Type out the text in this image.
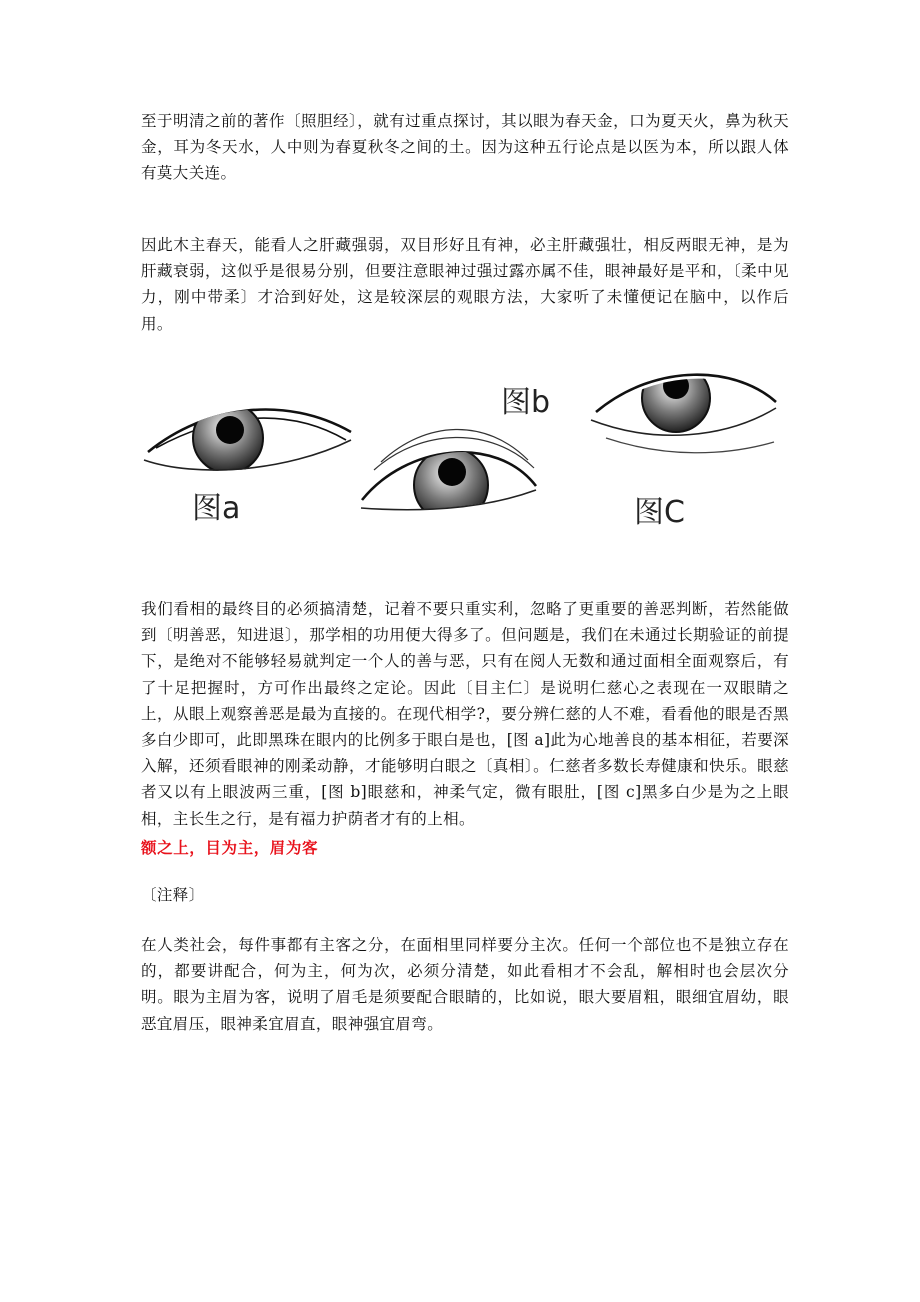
至于明清之前的著作〔照胆经〕，就有过重点探讨，其以眼为春天金，口为夏天火，鼻为秋天金，耳为冬天水，人中则为春夏秋冬之间的土。因为这种五行论点是以医为本，所以跟人体有莫大关连。

因此木主春天，能看人之肝藏强弱，双目形好且有神，必主肝藏强壮，相反两眼无神，是为肝藏衰弱，这似乎是很易分别，但要注意眼神过强过露亦属不佳，眼神最好是平和，〔柔中见力，刚中带柔〕才洽到好处，这是较深层的观眼方法，大家听了未懂便记在脑中，以作后用。

图a
图b
图C

我们看相的最终目的必须搞清楚，记着不要只重实利，忽略了更重要的善恶判断，若然能做到〔明善恶，知进退〕，那学相的功用便大得多了。但问题是，我们在未通过长期验证的前提下，是绝对不能够轻易就判定一个人的善与恶，只有在阅人无数和通过面相全面观察后，有了十足把握时，方可作出最终之定论。因此〔目主仁〕是说明仁慈心之表现在一双眼睛之上，从眼上观察善恶是最为直接的。在现代相学?，要分辨仁慈的人不难，看看他的眼是否黑多白少即可，此即黑珠在眼内的比例多于眼白是也，[图 a]此为心地善良的基本相征，若要深入解，还须看眼神的刚柔动静，才能够明白眼之〔真相〕。仁慈者多数长寿健康和快乐。眼慈者又以有上眼波两三重，[图 b]眼慈和，神柔气定，微有眼肚，[图 c]黑多白少是为之上眼相，主长生之行，是有福力护荫者才有的上相。

额之上，目为主，眉为客

〔注释〕

在人类社会，每件事都有主客之分，在面相里同样要分主次。任何一个部位也不是独立存在的，都要讲配合，何为主，何为次，必须分清楚，如此看相才不会乱，解相时也会层次分明。眼为主眉为客，说明了眉毛是须要配合眼睛的，比如说，眼大要眉粗，眼细宜眉幼，眼恶宜眉压，眼神柔宜眉直，眼神强宜眉弯。
